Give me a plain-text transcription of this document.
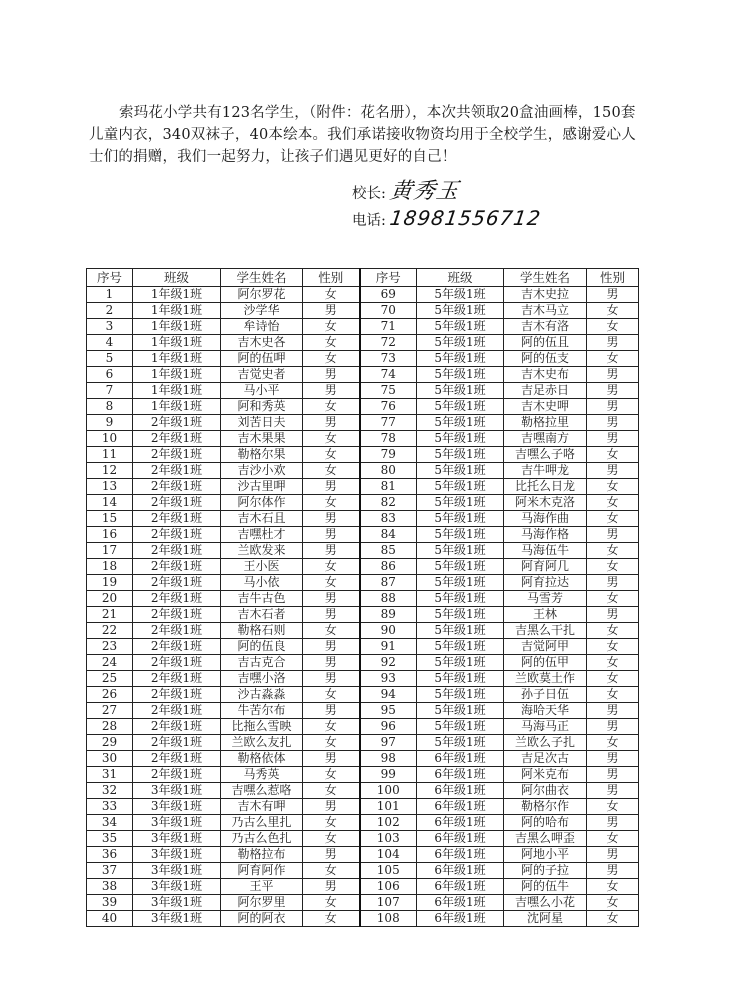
索玛花小学共有123名学生，（附件：花名册），本次共领取20盒油画棒，150套儿童内衣，340双袜子，40本绘本。我们承诺接收物资均用于全校学生，感谢爱心人士们的捐赠，我们一起努力，让孩子们遇见更好的自己！

校长: 黄秀玉
电话: 18981556712
序号	班级	学生姓名	性别	序号	班级	学生姓名	性别
1	1年级1班	阿尔罗花	女	69	5年级1班	吉木史拉	男
2	1年级1班	沙学华	男	70	5年级1班	吉木马立	女
3	1年级1班	牟诗怡	女	71	5年级1班	吉木有洛	女
4	1年级1班	吉木史各	女	72	5年级1班	阿的伍且	男
5	1年级1班	阿的伍呷	女	73	5年级1班	阿的伍支	女
6	1年级1班	吉觉史者	男	74	5年级1班	吉木史布	男
7	1年级1班	马小平	男	75	5年级1班	吉足赤日	男
8	1年级1班	阿和秀英	女	76	5年级1班	吉木史呷	男
9	2年级1班	刘苦日夫	男	77	5年级1班	勒格拉里	男
10	2年级1班	吉木果果	女	78	5年级1班	吉嘿南方	男
11	2年级1班	勒格尔果	女	79	5年级1班	吉嘿么子咯	女
12	2年级1班	吉沙小欢	女	80	5年级1班	吉牛呷龙	男
13	2年级1班	沙古里呷	男	81	5年级1班	比托么日龙	女
14	2年级1班	阿尔体作	女	82	5年级1班	阿米木克洛	女
15	2年级1班	吉木石且	男	83	5年级1班	马海作曲	女
16	2年级1班	吉嘿杜才	男	84	5年级1班	马海作格	男
17	2年级1班	兰欧发来	男	85	5年级1班	马海伍牛	女
18	2年级1班	王小医	女	86	5年级1班	阿育阿几	女
19	2年级1班	马小依	女	87	5年级1班	阿育拉达	男
20	2年级1班	吉牛古色	男	88	5年级1班	马雪芳	女
21	2年级1班	吉木石者	男	89	5年级1班	王林	男
22	2年级1班	勒格石则	女	90	5年级1班	吉黑么干扎	女
23	2年级1班	阿的伍良	男	91	5年级1班	吉觉阿甲	女
24	2年级1班	吉古克合	男	92	5年级1班	阿的伍甲	女
25	2年级1班	吉嘿小洛	男	93	5年级1班	兰欧莫土作	女
26	2年级1班	沙古淼淼	女	94	5年级1班	孙子日伍	女
27	2年级1班	牛苦尔布	男	95	5年级1班	海哈天华	男
28	2年级1班	比拖么雪映	女	96	5年级1班	马海马正	男
29	2年级1班	兰欧么友扎	女	97	5年级1班	兰欧么子扎	女
30	2年级1班	勒格依体	男	98	6年级1班	吉足次古	男
31	2年级1班	马秀英	女	99	6年级1班	阿米克布	男
32	3年级1班	吉嘿么惹咯	女	100	6年级1班	阿尔曲衣	男
33	3年级1班	吉木有呷	男	101	6年级1班	勒格尔作	女
34	3年级1班	乃古么里扎	女	102	6年级1班	阿的哈布	男
35	3年级1班	乃古么色扎	女	103	6年级1班	吉黑么呷歪	女
36	3年级1班	勒格拉布	男	104	6年级1班	阿地小平	男
37	3年级1班	阿育阿作	女	105	6年级1班	阿的子拉	男
38	3年级1班	王平	男	106	6年级1班	阿的伍牛	女
39	3年级1班	阿尔罗里	女	107	6年级1班	吉嘿么小花	女
40	3年级1班	阿的阿衣	女	108	6年级1班	沈阿星	女
